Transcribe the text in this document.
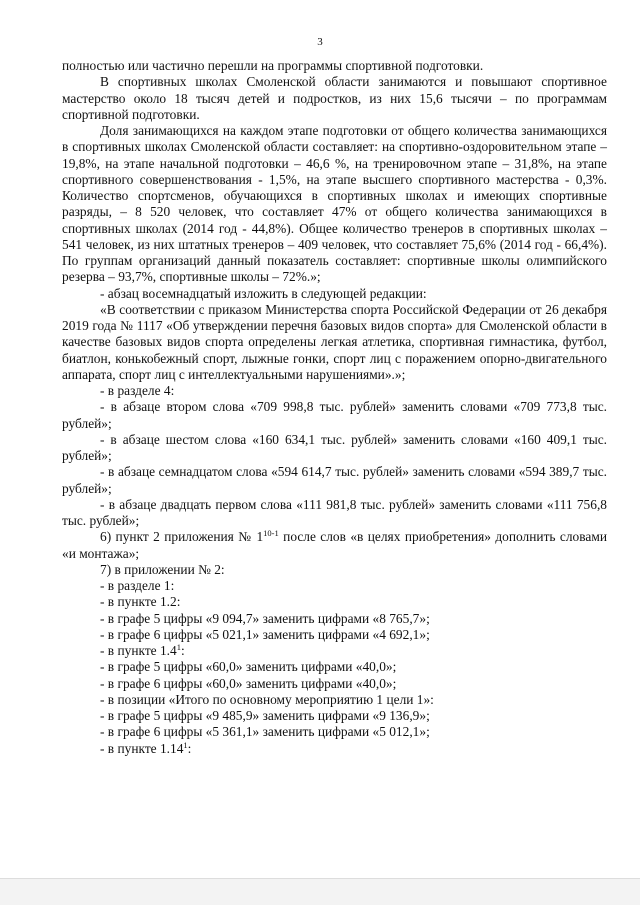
3

полностью или частично перешли на программы спортивной подготовки.

В спортивных школах Смоленской области занимаются и повышают спортивное мастерство около 18 тысяч детей и подростков, из них 15,6 тысячи – по программам спортивной подготовки.

Доля занимающихся на каждом этапе подготовки от общего количества занимающихся в спортивных школах Смоленской области составляет: на спортивно-оздоровительном этапе – 19,8%, на этапе начальной подготовки – 46,6 %, на тренировочном этапе – 31,8%, на этапе спортивного совершенствования - 1,5%, на этапе высшего спортивного мастерства - 0,3%. Количество спортсменов, обучающихся в спортивных школах и имеющих спортивные разряды, – 8 520 человек, что составляет 47% от общего количества занимающихся в спортивных школах (2014 год - 44,8%). Общее количество тренеров в спортивных школах – 541 человек, из них штатных тренеров – 409 человек, что составляет 75,6% (2014 год - 66,4%). По группам организаций данный показатель составляет: спортивные школы олимпийского резерва – 93,7%, спортивные школы – 72%.»;

- абзац восемнадцатый изложить в следующей редакции:

«В соответствии с приказом Министерства спорта Российской Федерации от 26 декабря 2019 года № 1117 «Об утверждении перечня базовых видов спорта» для Смоленской области в качестве базовых видов спорта определены легкая атлетика, спортивная гимнастика, футбол, биатлон, конькобежный спорт, лыжные гонки, спорт лиц с поражением опорно-двигательного аппарата, спорт лиц с интеллектуальными нарушениями».»;

- в разделе 4:

- в абзаце втором слова «709 998,8 тыс. рублей» заменить словами «709 773,8 тыс. рублей»;

- в абзаце шестом слова «160 634,1 тыс. рублей» заменить словами «160 409,1 тыс. рублей»;

- в абзаце семнадцатом слова «594 614,7 тыс. рублей» заменить словами «594 389,7 тыс. рублей»;

- в абзаце двадцать первом слова «111 981,8 тыс. рублей» заменить словами «111 756,8 тыс. рублей»;

6) пункт 2 приложения № 1$^{10-1}$ после слов «в целях приобретения» дополнить словами «и монтажа»;

7) в приложении № 2:

- в разделе 1:

- в пункте 1.2:

- в графе 5 цифры «9 094,7» заменить цифрами «8 765,7»;

- в графе 6 цифры «5 021,1» заменить цифрами «4 692,1»;

- в пункте $1.4^1$:

- в графе 5 цифры «60,0» заменить цифрами «40,0»;

- в графе 6 цифры «60,0» заменить цифрами «40,0»;

- в позиции «Итого по основному мероприятию 1 цели 1»:

- в графе 5 цифры «9 485,9» заменить цифрами «9 136,9»;

- в графе 6 цифры «5 361,1» заменить цифрами «5 012,1»;

- в пункте 1.14$^1$:
